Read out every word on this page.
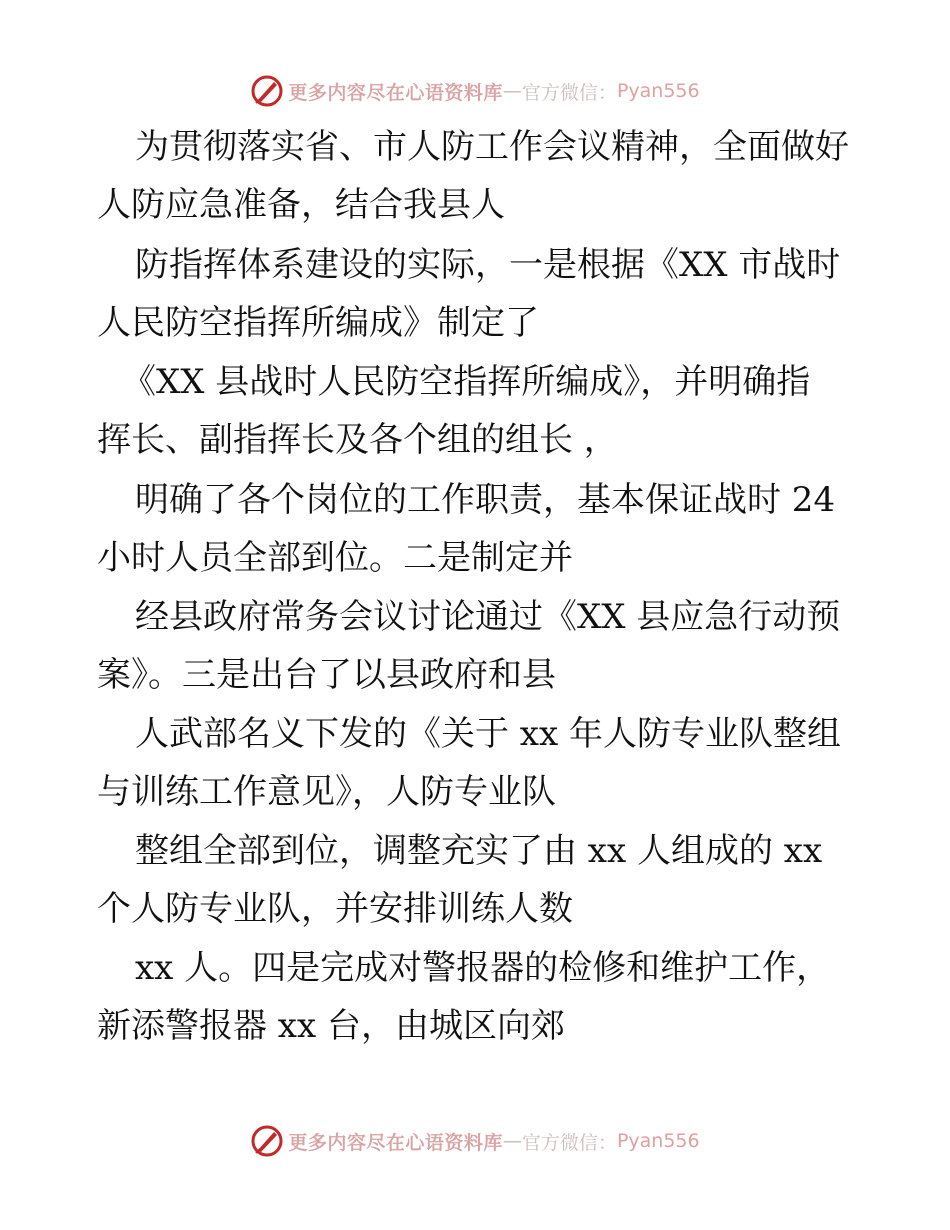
更多内容尽在心语资料库 — 官方微信： Pyan556
为贯彻落实省、市人防工作会议精神，全面做好
人防应急准备，结合我县人
防指挥体系建设的实际，一是根据《XX 市战时
人民防空指挥所编成》制定了
《XX 县战时人民防空指挥所编成》，并明确指
挥长、副指挥长及各个组的组长 ，
明确了各个岗位的工作职责，基本保证战时 24
小时人员全部到位。二是制定并
经县政府常务会议讨论通过《XX 县应急行动预
案》。三是出台了以县政府和县
人武部名义下发的《关于 xx 年人防专业队整组
与训练工作意见》，人防专业队
整组全部到位，调整充实了由 xx 人组成的 xx
个人防专业队，并安排训练人数
xx 人。四是完成对警报器的检修和维护工作，
新添警报器 xx 台，由城区向郊
更多内容尽在心语资料库 — 官方微信： Pyan556
